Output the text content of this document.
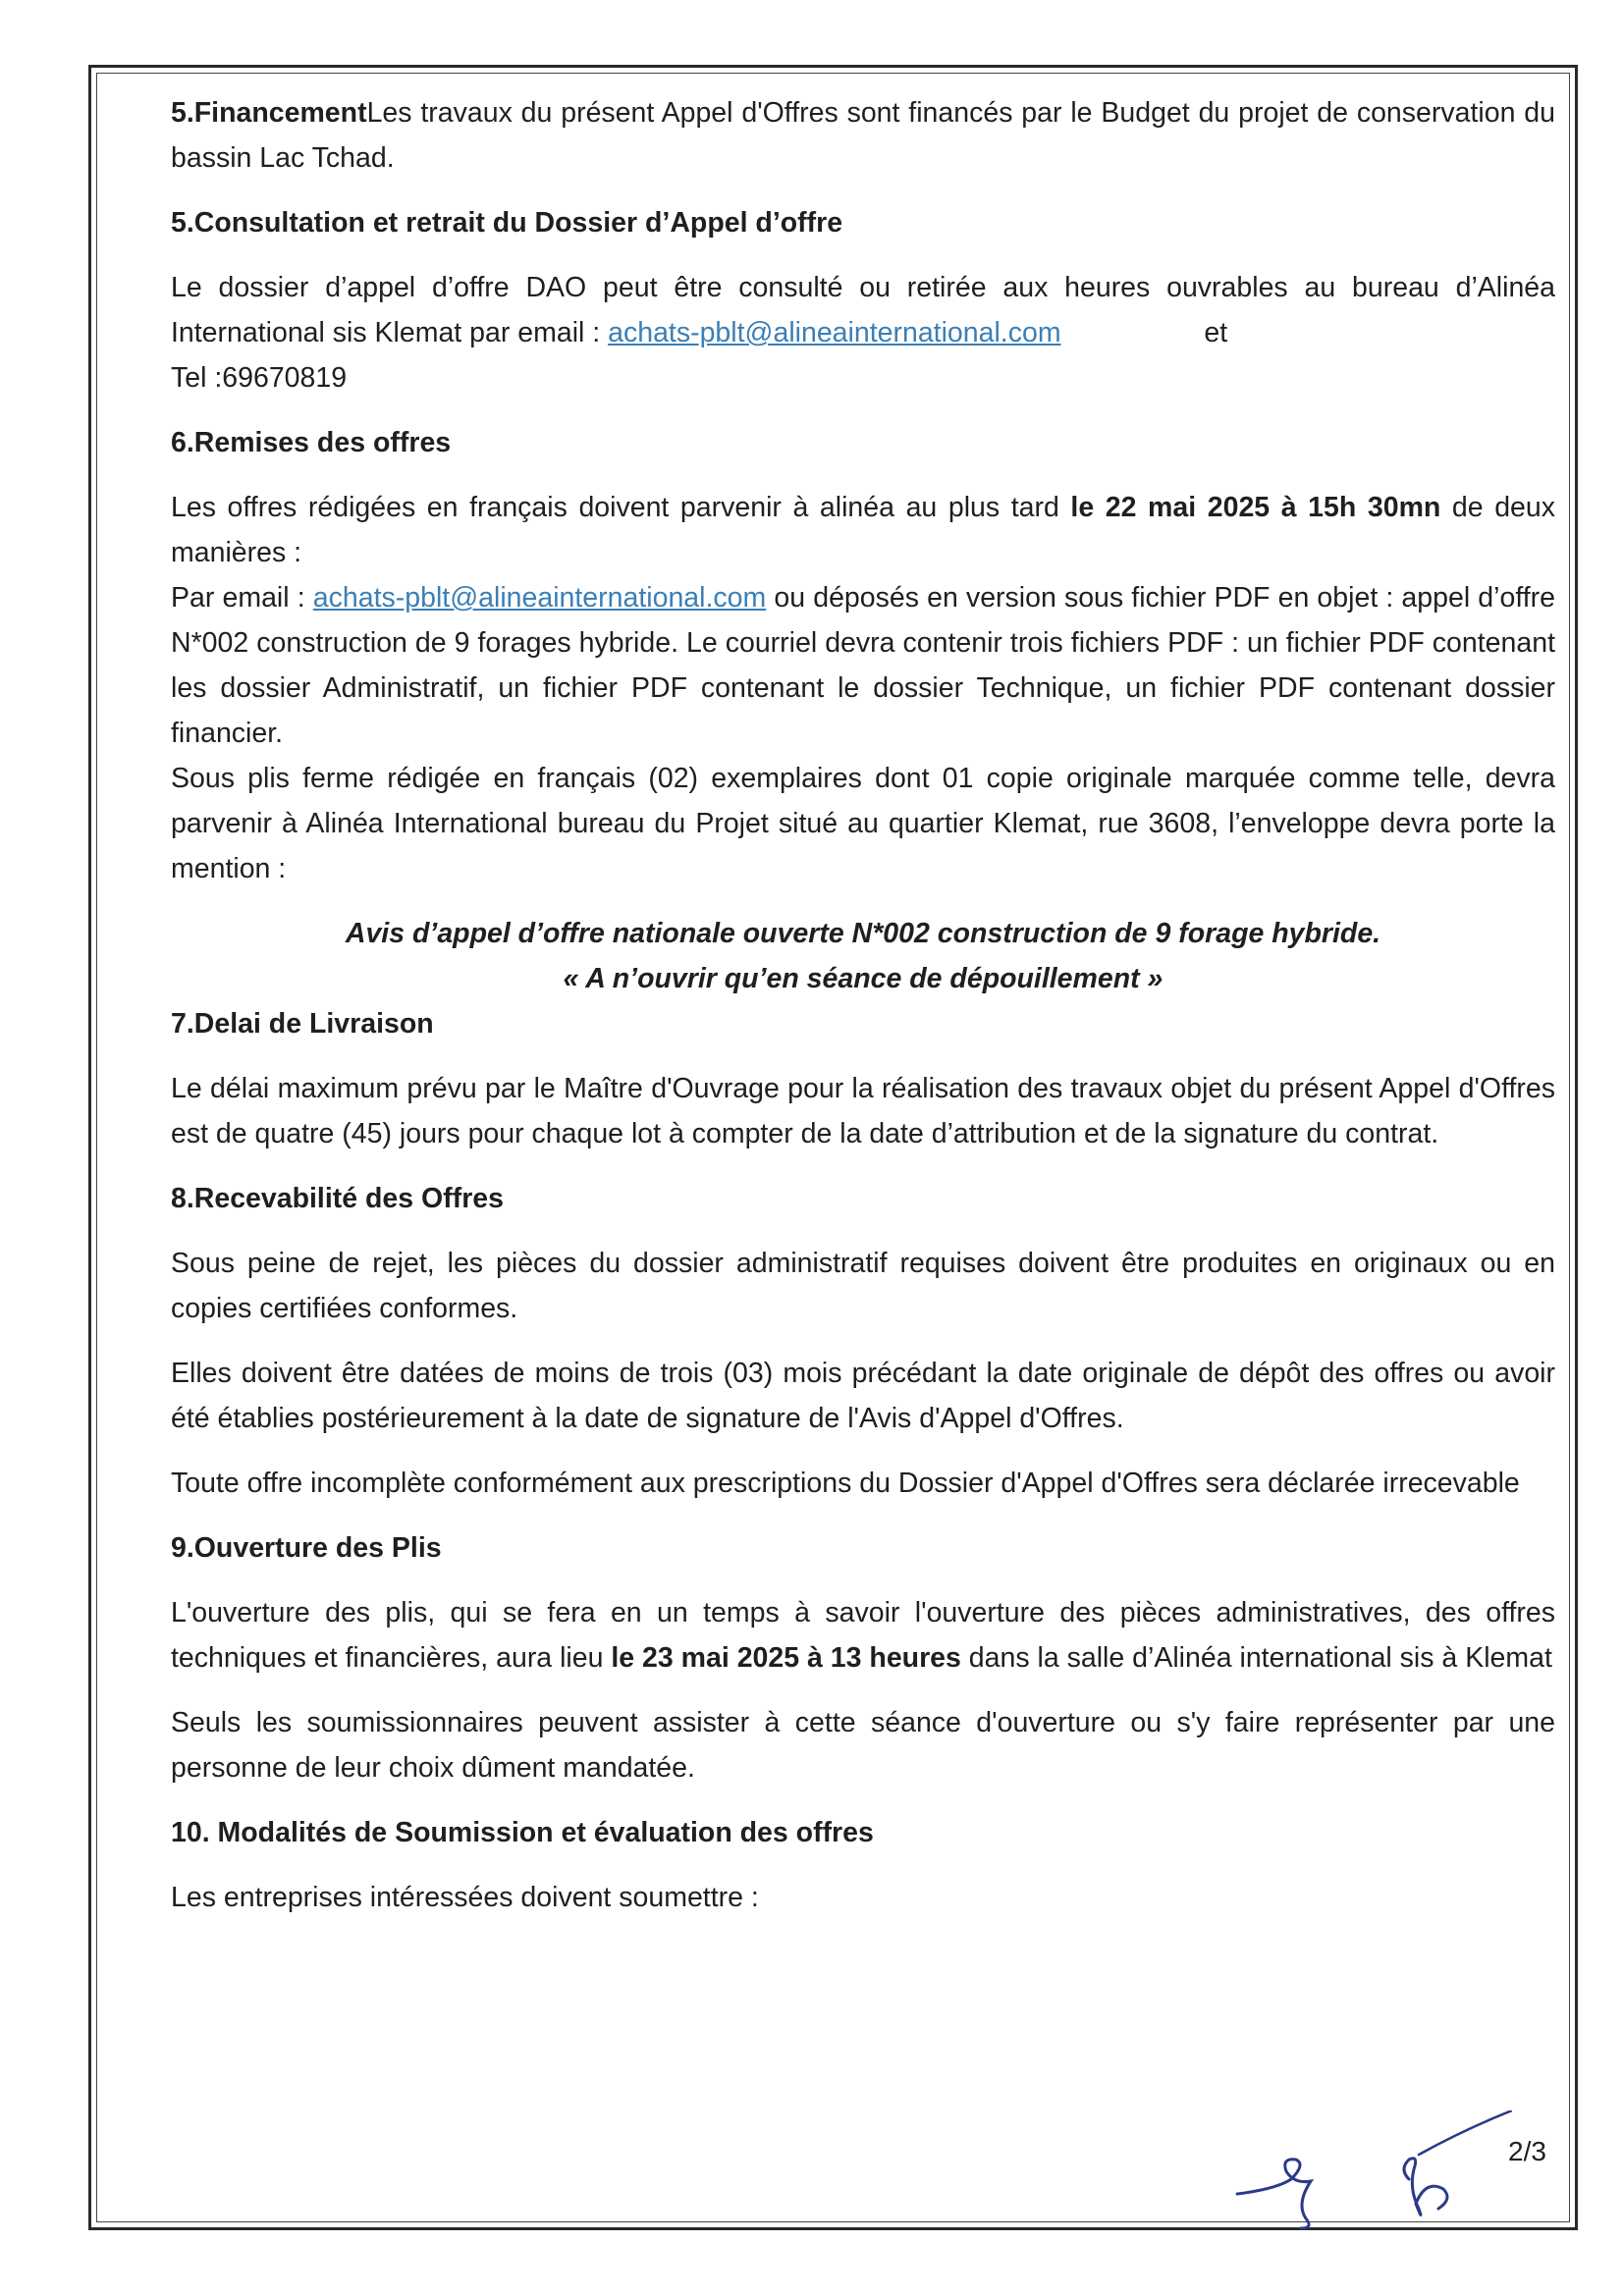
5.FinancementLes travaux du présent Appel d'Offres sont financés par le Budget du projet de conservation du bassin Lac Tchad.

5.Consultation et retrait du Dossier d’Appel d’offre

Le dossier d’appel d’offre DAO peut être consulté ou retirée aux heures ouvrables au bureau d’Alinéa International sis Klemat par email : achats-pblt@alineainternational.com	et
Tel :69670819

6.Remises des offres

Les offres rédigées en français doivent parvenir à alinéa au plus tard le 22 mai 2025 à 15h 30mn de deux manières :

Par email : achats-pblt@alineainternational.com ou déposés en version sous fichier PDF en objet : appel d’offre N*002 construction de 9 forages hybride. Le courriel devra contenir trois fichiers PDF : un fichier PDF contenant les dossier Administratif, un fichier PDF contenant le dossier Technique, un fichier PDF contenant dossier financier.

Sous plis ferme rédigée en français (02) exemplaires dont 01 copie originale marquée comme telle, devra parvenir à Alinéa International bureau du Projet situé au quartier Klemat, rue 3608, l’enveloppe devra porte la mention :

Avis d’appel d’offre nationale ouverte N*002 construction de 9 forage hybride.

« A n’ouvrir qu’en séance de dépouillement »

7.Delai de Livraison

Le délai maximum prévu par le Maître d'Ouvrage pour la réalisation des travaux objet du présent Appel d'Offres est de quatre (45) jours pour chaque lot à compter de la date d’attribution et de la signature du contrat.

8.Recevabilité des Offres

Sous peine de rejet, les pièces du dossier administratif requises doivent être produites en originaux ou en copies certifiées conformes.

Elles doivent être datées de moins de trois (03) mois précédant la date originale de dépôt des offres ou avoir été établies postérieurement à la date de signature de l'Avis d'Appel d'Offres.

Toute offre incomplète conformément aux prescriptions du Dossier d'Appel d'Offres sera déclarée irrecevable

9.Ouverture des Plis

L'ouverture des plis, qui se fera en un temps à savoir l'ouverture des pièces administratives, des offres techniques et financières, aura lieu le 23 mai 2025 à 13 heures dans la salle d’Alinéa international sis à Klemat

Seuls les soumissionnaires peuvent assister à cette séance d'ouverture ou s'y faire représenter par une personne de leur choix dûment mandatée.

10. Modalités de Soumission et évaluation des offres

Les entreprises intéressées doivent soumettre :

2/3
